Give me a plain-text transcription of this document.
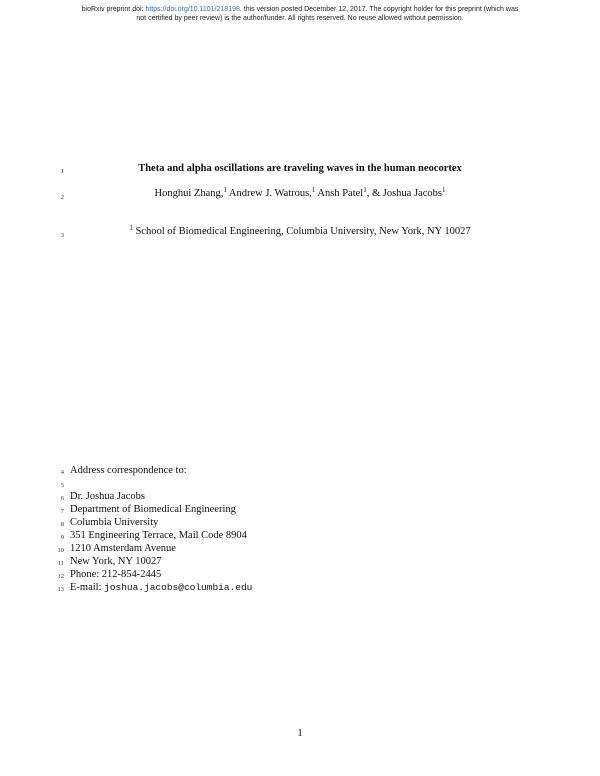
bioRxiv preprint doi: https://doi.org/10.1101/218198. this version posted December 12, 2017. The copyright holder for this preprint (which was
not certified by peer review) is the author/funder. All rights reserved. No reuse allowed without permission.
1
2
3
4
5
6
7
8
9
10
11
12
13
Theta and alpha oscillations are traveling waves in the human neocortex
Honghui Zhang,$^1$ Andrew J. Watrous,$^1$ Ansh Patel$^1$, & Joshua Jacobs$^1$
$^1$ School of Biomedical Engineering, Columbia University, New York, NY 10027
Address correspondence to:
Dr. Joshua Jacobs
Department of Biomedical Engineering
Columbia University
351 Engineering Terrace, Mail Code 8904
1210 Amsterdam Avenue
New York, NY 10027
Phone: 212-854-2445
E-mail: joshua.jacobs@columbia.edu
1
